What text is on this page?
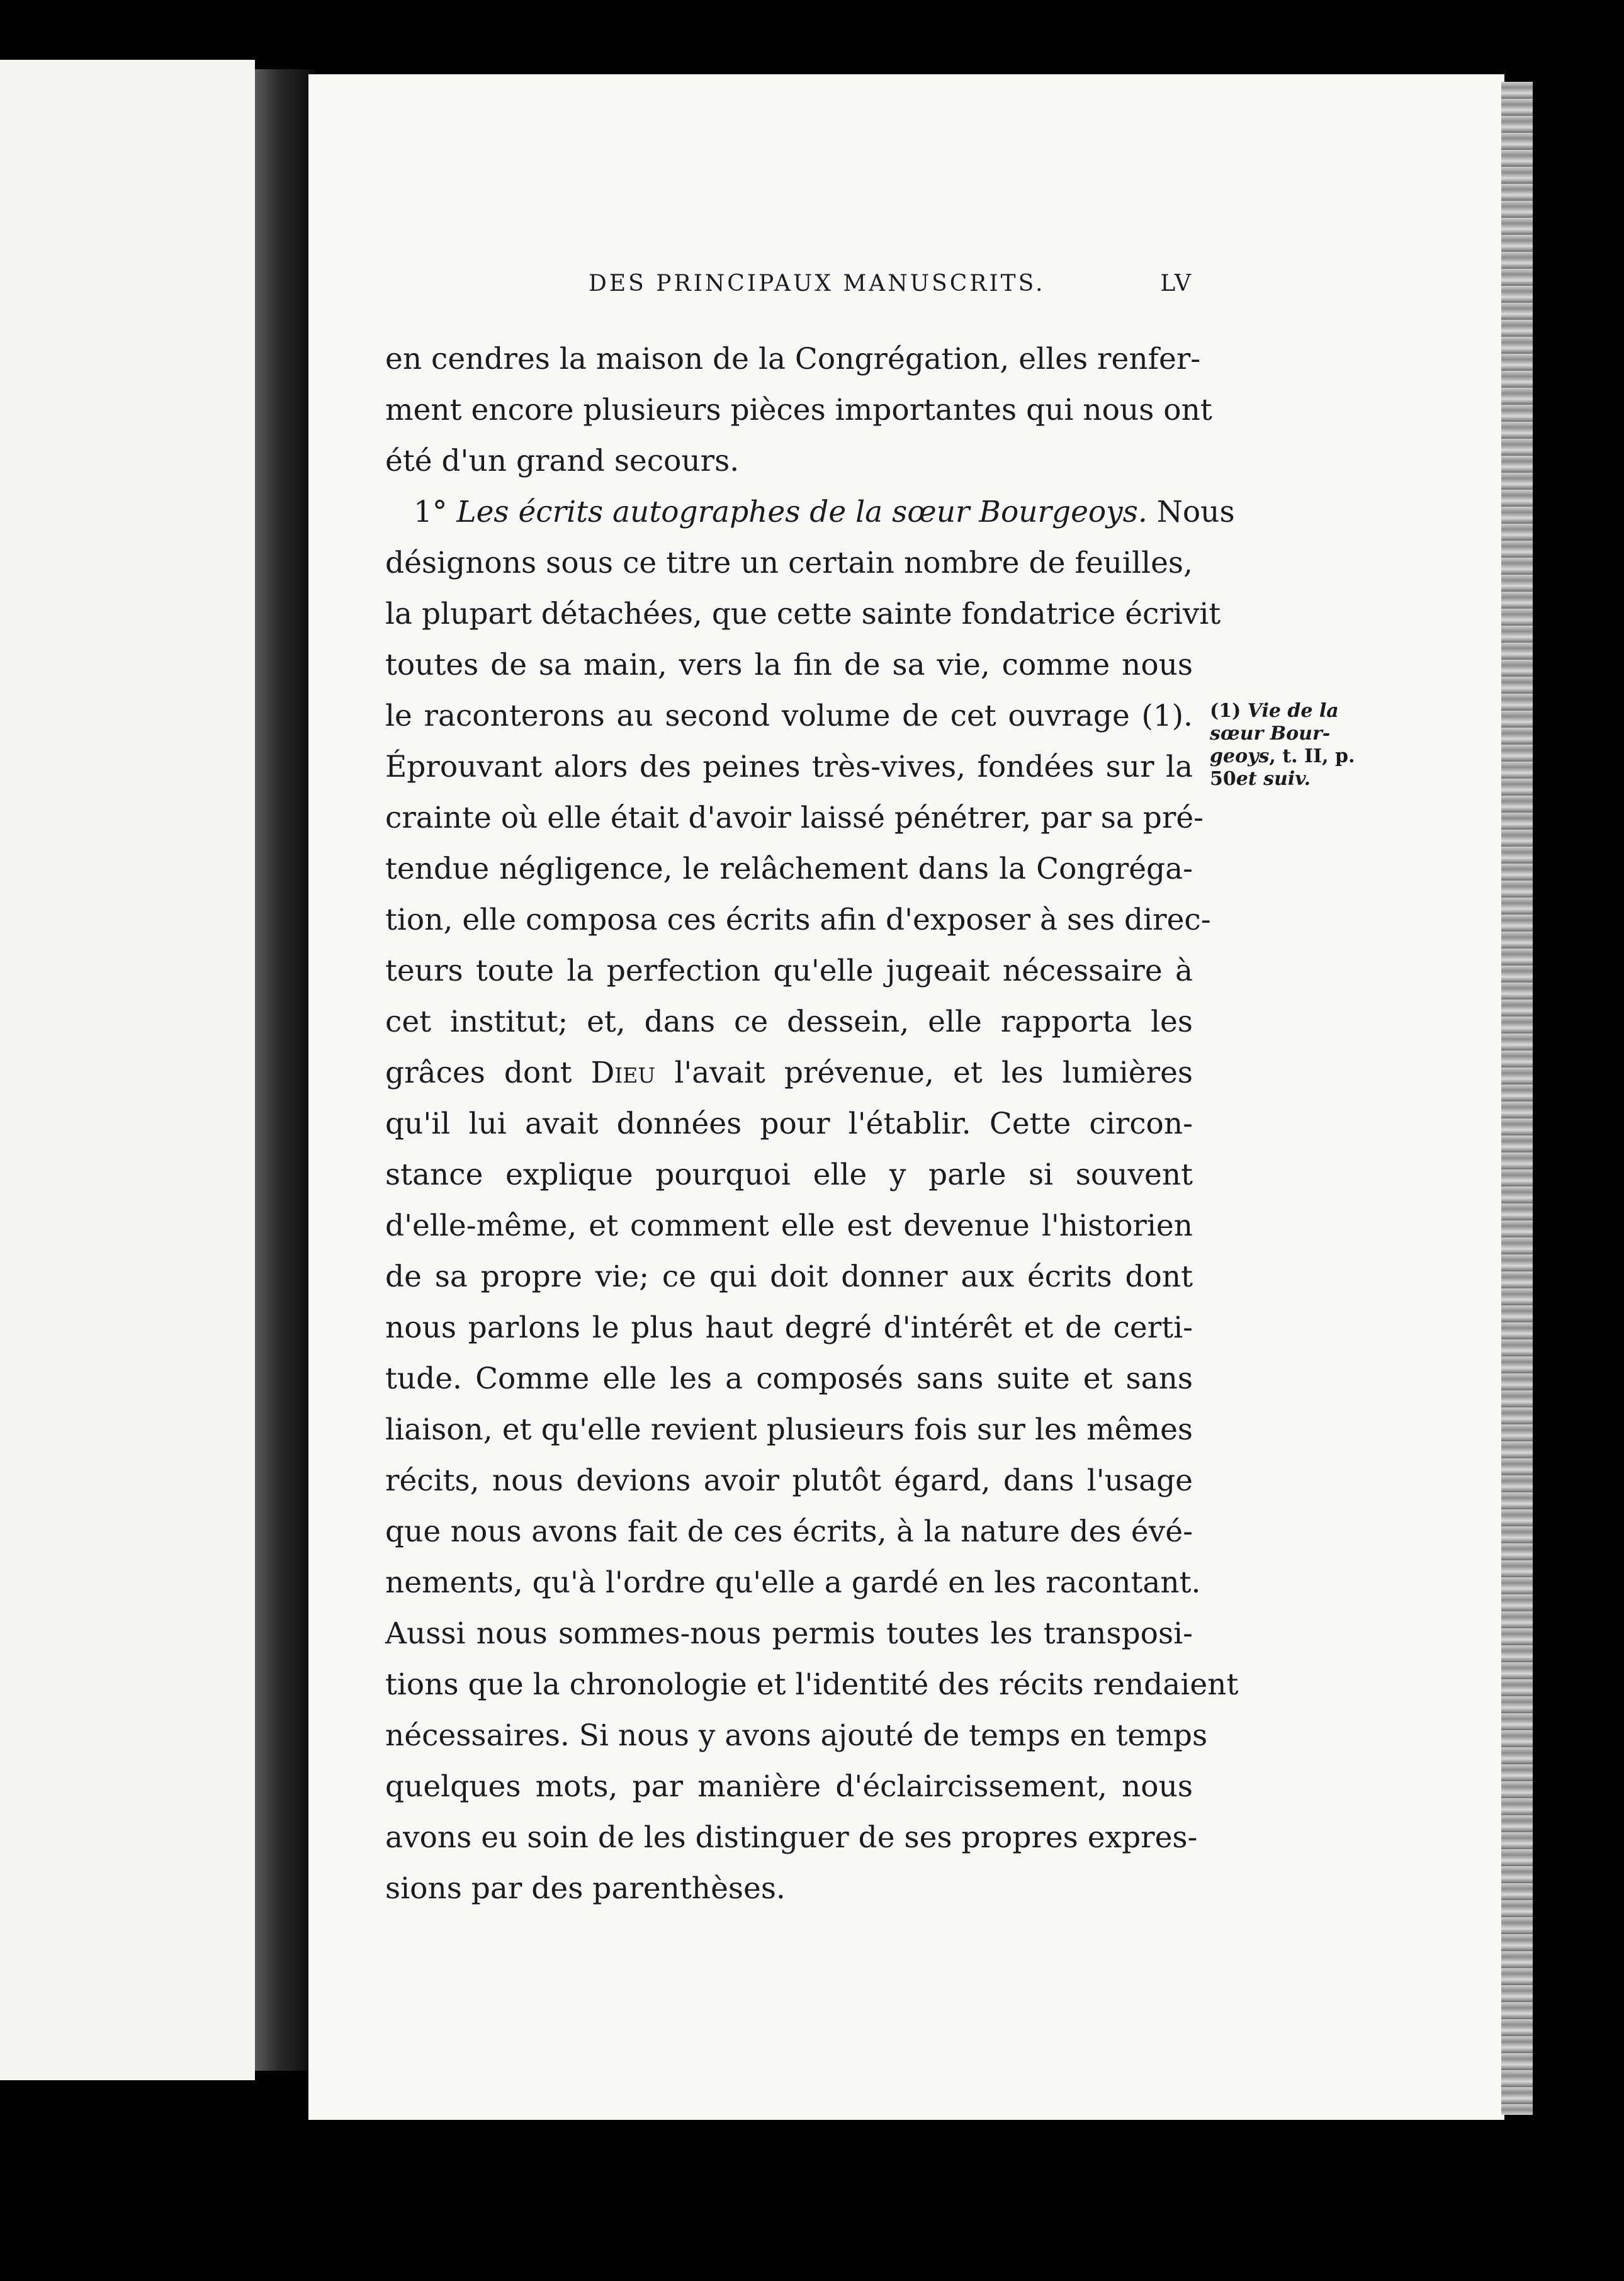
DES PRINCIPAUX MANUSCRITS.	LV
en cendres la maison de la Congrégation, elles renfer-
ment encore plusieurs pièces importantes qui nous ont
été d'un grand secours.
1° Les écrits autographes de la sœur Bourgeoys. Nous
désignons sous ce titre un certain nombre de feuilles,
la plupart détachées, que cette sainte fondatrice écrivit
toutes de sa main, vers la fin de sa vie, comme nous
le raconterons au second volume de cet ouvrage (1).
Éprouvant alors des peines très-vives, fondées sur la
crainte où elle était d'avoir laissé pénétrer, par sa pré-
tendue négligence, le relâchement dans la Congréga-
tion, elle composa ces écrits afin d'exposer à ses direc-
teurs toute la perfection qu'elle jugeait nécessaire à
cet institut; et, dans ce dessein, elle rapporta les
grâces dont Dieu l'avait prévenue, et les lumières
qu'il lui avait données pour l'établir. Cette circon-
stance explique pourquoi elle y parle si souvent
d'elle-même, et comment elle est devenue l'historien
de sa propre vie; ce qui doit donner aux écrits dont
nous parlons le plus haut degré d'intérêt et de certi-
tude. Comme elle les a composés sans suite et sans
liaison, et qu'elle revient plusieurs fois sur les mêmes
récits, nous devions avoir plutôt égard, dans l'usage
que nous avons fait de ces écrits, à la nature des évé-
nements, qu'à l'ordre qu'elle a gardé en les racontant.
Aussi nous sommes-nous permis toutes les transposi-
tions que la chronologie et l'identité des récits rendaient
nécessaires. Si nous y avons ajouté de temps en temps
quelques mots, par manière d'éclaircissement, nous
avons eu soin de les distinguer de ses propres expres-
sions par des parenthèses.
(1) Vie de la
sœur Bour-
geoys, t. II, p.
50et suiv.
